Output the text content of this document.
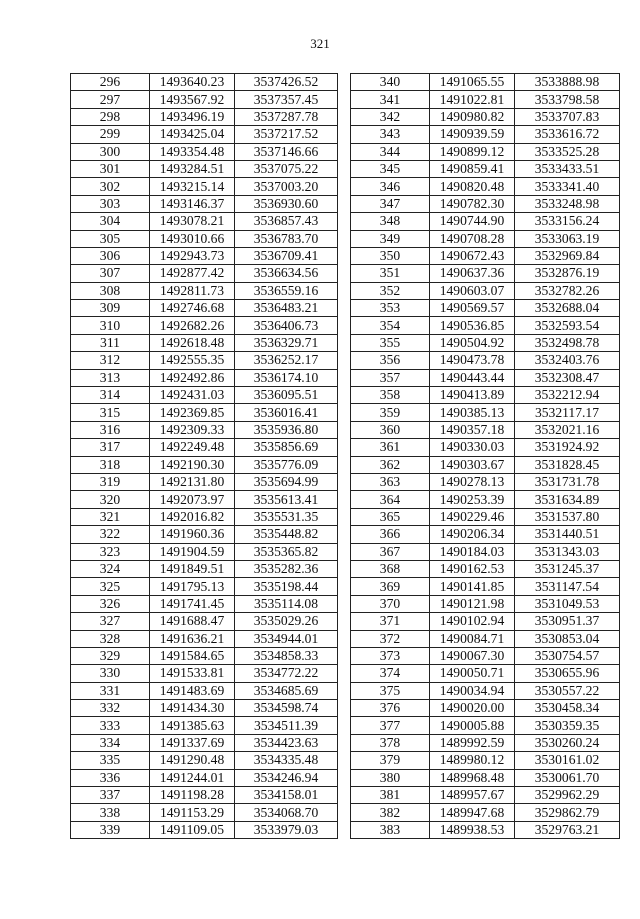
321
296	1493640.23	3537426.52
297	1493567.92	3537357.45
298	1493496.19	3537287.78
299	1493425.04	3537217.52
300	1493354.48	3537146.66
301	1493284.51	3537075.22
302	1493215.14	3537003.20
303	1493146.37	3536930.60
304	1493078.21	3536857.43
305	1493010.66	3536783.70
306	1492943.73	3536709.41
307	1492877.42	3536634.56
308	1492811.73	3536559.16
309	1492746.68	3536483.21
310	1492682.26	3536406.73
311	1492618.48	3536329.71
312	1492555.35	3536252.17
313	1492492.86	3536174.10
314	1492431.03	3536095.51
315	1492369.85	3536016.41
316	1492309.33	3535936.80
317	1492249.48	3535856.69
318	1492190.30	3535776.09
319	1492131.80	3535694.99
320	1492073.97	3535613.41
321	1492016.82	3535531.35
322	1491960.36	3535448.82
323	1491904.59	3535365.82
324	1491849.51	3535282.36
325	1491795.13	3535198.44
326	1491741.45	3535114.08
327	1491688.47	3535029.26
328	1491636.21	3534944.01
329	1491584.65	3534858.33
330	1491533.81	3534772.22
331	1491483.69	3534685.69
332	1491434.30	3534598.74
333	1491385.63	3534511.39
334	1491337.69	3534423.63
335	1491290.48	3534335.48
336	1491244.01	3534246.94
337	1491198.28	3534158.01
338	1491153.29	3534068.70
339	1491109.05	3533979.03
340	1491065.55	3533888.98
341	1491022.81	3533798.58
342	1490980.82	3533707.83
343	1490939.59	3533616.72
344	1490899.12	3533525.28
345	1490859.41	3533433.51
346	1490820.48	3533341.40
347	1490782.30	3533248.98
348	1490744.90	3533156.24
349	1490708.28	3533063.19
350	1490672.43	3532969.84
351	1490637.36	3532876.19
352	1490603.07	3532782.26
353	1490569.57	3532688.04
354	1490536.85	3532593.54
355	1490504.92	3532498.78
356	1490473.78	3532403.76
357	1490443.44	3532308.47
358	1490413.89	3532212.94
359	1490385.13	3532117.17
360	1490357.18	3532021.16
361	1490330.03	3531924.92
362	1490303.67	3531828.45
363	1490278.13	3531731.78
364	1490253.39	3531634.89
365	1490229.46	3531537.80
366	1490206.34	3531440.51
367	1490184.03	3531343.03
368	1490162.53	3531245.37
369	1490141.85	3531147.54
370	1490121.98	3531049.53
371	1490102.94	3530951.37
372	1490084.71	3530853.04
373	1490067.30	3530754.57
374	1490050.71	3530655.96
375	1490034.94	3530557.22
376	1490020.00	3530458.34
377	1490005.88	3530359.35
378	1489992.59	3530260.24
379	1489980.12	3530161.02
380	1489968.48	3530061.70
381	1489957.67	3529962.29
382	1489947.68	3529862.79
383	1489938.53	3529763.21
